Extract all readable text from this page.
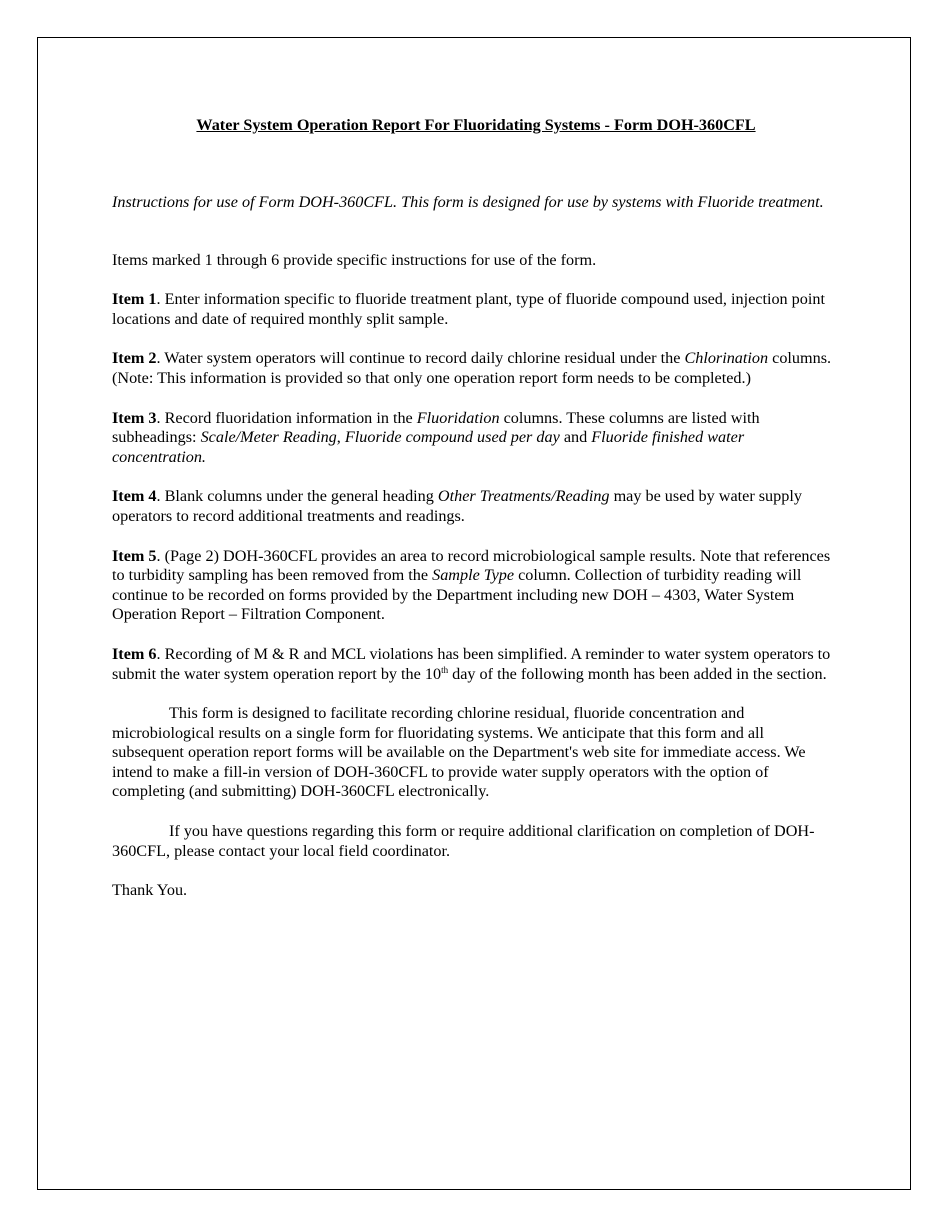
Water System Operation Report For Fluoridating Systems - Form DOH-360CFL

Instructions for use of Form DOH-360CFL. This form is designed for use by systems with Fluoride treatment.

Items marked 1 through 6 provide specific instructions for use of the form.

Item 1. Enter information specific to fluoride treatment plant, type of fluoride compound used, injection point locations and date of required monthly split sample.

Item 2. Water system operators will continue to record daily chlorine residual under the Chlorination columns. (Note: This information is provided so that only one operation report form needs to be completed.)

Item 3. Record fluoridation information in the Fluoridation columns. These columns are listed with subheadings: Scale/Meter Reading, Fluoride compound used per day and Fluoride finished water concentration.

Item 4. Blank columns under the general heading Other Treatments/Reading may be used by water supply operators to record additional treatments and readings.

Item 5. (Page 2) DOH-360CFL provides an area to record microbiological sample results. Note that references to turbidity sampling has been removed from the Sample Type column. Collection of turbidity reading will continue to be recorded on forms provided by the Department including new DOH – 4303, Water System Operation Report – Filtration Component.

Item 6. Recording of M & R and MCL violations has been simplified. A reminder to water system operators to submit the water system operation report by the 10th day of the following month has been added in the section.

This form is designed to facilitate recording chlorine residual, fluoride concentration and microbiological results on a single form for fluoridating systems. We anticipate that this form and all subsequent operation report forms will be available on the Department's web site for immediate access. We intend to make a fill-in version of DOH-360CFL to provide water supply operators with the option of completing (and submitting) DOH-360CFL electronically.

If you have questions regarding this form or require additional clarification on completion of DOH-360CFL, please contact your local field coordinator.

Thank You.
